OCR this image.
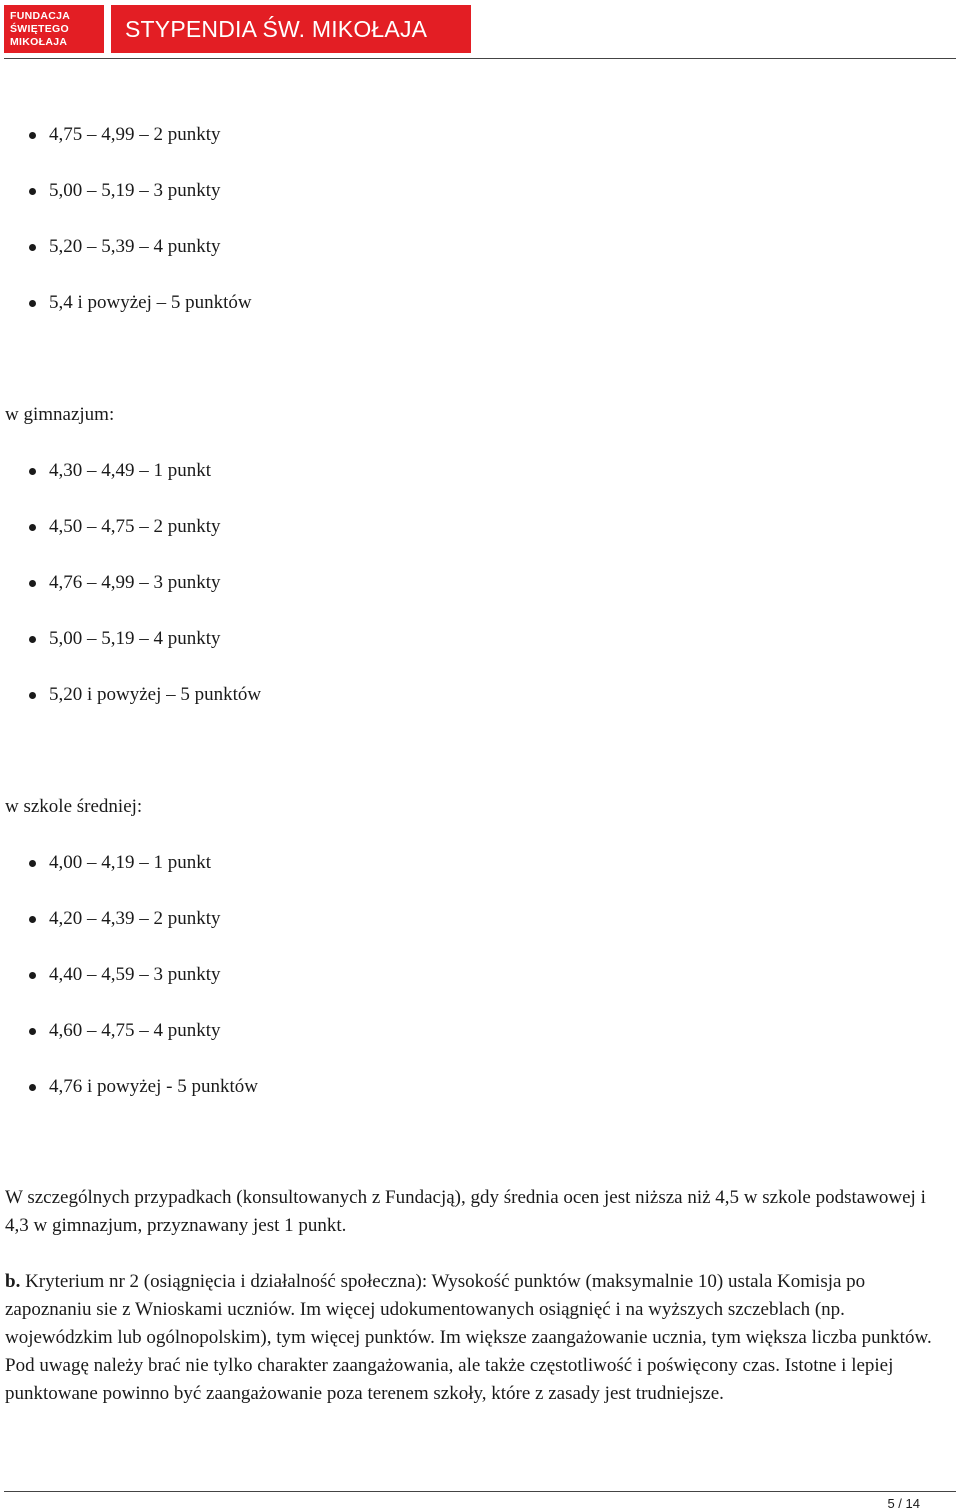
FUNDACJA
ŚWIĘTEGO
MIKOŁAJA	STYPENDIA ŚW. MIKOŁAJA
4,75 – 4,99 – 2 punkty
5,00 – 5,19 – 3 punkty
5,20 – 5,39 – 4 punkty
5,4 i powyżej – 5 punktów
w gimnazjum:
4,30 – 4,49 – 1 punkt
4,50 – 4,75 – 2 punkty
4,76 – 4,99 – 3 punkty
5,00 – 5,19 – 4 punkty
5,20 i powyżej – 5 punktów
w szkole średniej:
4,00 – 4,19 – 1 punkt
4,20 – 4,39 – 2 punkty
4,40 – 4,59 – 3 punkty
4,60 – 4,75 – 4 punkty
4,76 i powyżej - 5 punktów

W szczególnych przypadkach (konsultowanych z Fundacją), gdy średnia ocen jest niższa niż 4,5 w szkole podstawowej i 4,3 w gimnazjum, przyznawany jest 1 punkt.

b. Kryterium nr 2 (osiągnięcia i działalność społeczna): Wysokość punktów (maksymalnie 10) ustala Komisja po zapoznaniu sie z Wnioskami uczniów. Im więcej udokumentowanych osiągnięć i na wyższych szczeblach (np. wojewódzkim lub ogólnopolskim), tym więcej punktów. Im większe zaangażowanie ucznia, tym większa liczba punktów. Pod uwagę należy brać nie tylko charakter zaangażowania, ale także częstotliwość i poświęcony czas. Istotne i lepiej punktowane powinno być zaangażowanie poza terenem szkoły, które z zasady jest trudniejsze.

5 / 14
